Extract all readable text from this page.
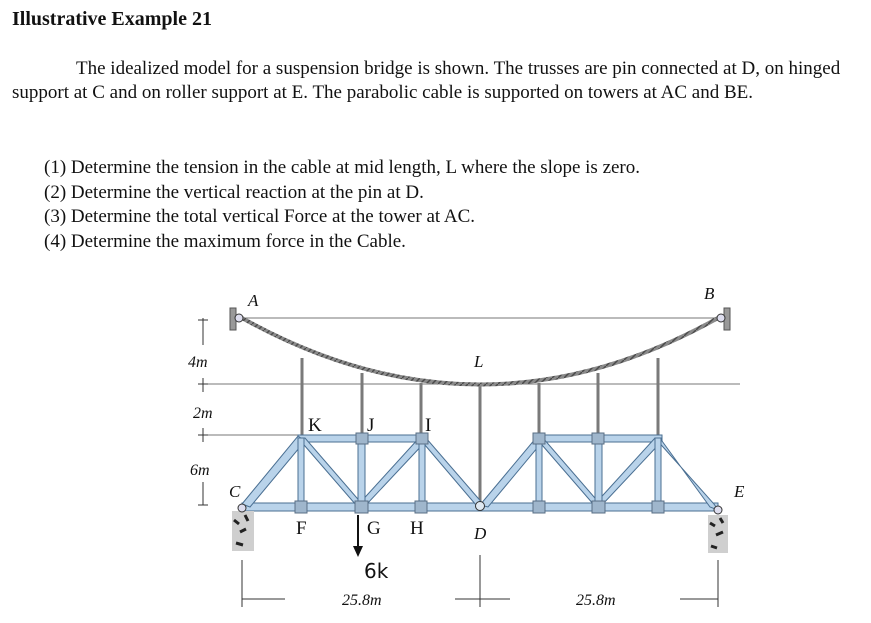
Illustrative Example 21
The idealized model for a suspension bridge is shown. The trusses are pin connected at D, on hinged support at C and on roller support at E. The parabolic cable is supported on towers at AC and BE.
(1) Determine the tension in the cable at mid length, L where the slope is zero.
(2) Determine the vertical reaction at the pin at D.
(3) Determine the total vertical Force at the tower at AC.
(4) Determine the maximum force in the Cable.
A	B
C	E
L
K J	I
F	G H	D
4m
2m
6m
25.8m	25.8m
6k
